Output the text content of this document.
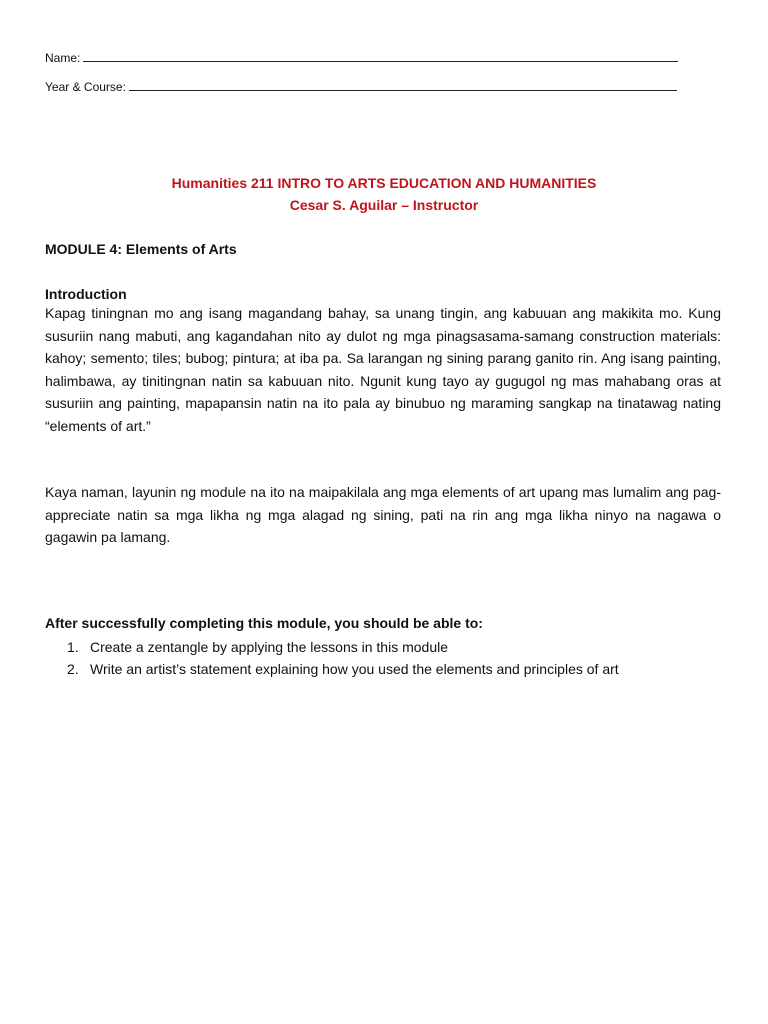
Name:
Year & Course:
Humanities 211 INTRO TO ARTS EDUCATION AND HUMANITIES
Cesar S. Aguilar – Instructor
MODULE 4: Elements of Arts
Introduction

Kapag tiningnan mo ang isang magandang bahay, sa unang tingin, ang kabuuan ang makikita mo. Kung susuriin nang mabuti, ang kagandahan nito ay dulot ng mga pinagsasama-samang construction materials: kahoy; semento; tiles; bubog; pintura; at iba pa. Sa larangan ng sining parang ganito rin. Ang isang painting, halimbawa, ay tinitingnan natin sa kabuuan nito. Ngunit kung tayo ay gugugol ng mas mahabang oras at susuriin ang painting, mapapansin natin na ito pala ay binubuo ng maraming sangkap na tinatawag nating “elements of art.”

Kaya naman, layunin ng module na ito na maipakilala ang mga elements of art upang mas lumalim ang pag-appreciate natin sa mga likha ng mga alagad ng sining, pati na rin ang mga likha ninyo na nagawa o gagawin pa lamang.

After successfully completing this module, you should be able to:
1. Create a zentangle by applying the lessons in this module
2. Write an artist’s statement explaining how you used the elements and principles of art
